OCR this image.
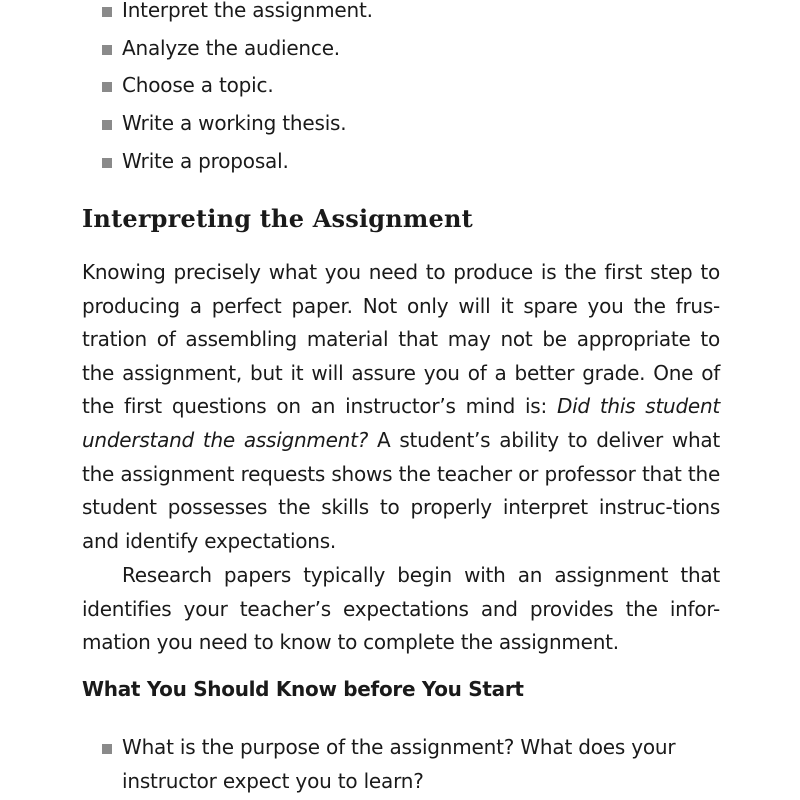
Interpret the assignment.
Analyze the audience.
Choose a topic.
Write a working thesis.
Write a proposal.
Interpreting the Assignment

Knowing precisely what you need to produce is the first step to producing a perfect paper. Not only will it spare you the frus-tration of assembling material that may not be appropriate to the assignment, but it will assure you of a better grade. One of the first questions on an instructor’s mind is: Did this student understand the assignment? A student’s ability to deliver what the assignment requests shows the teacher or professor that the student possesses the skills to properly interpret instruc-tions and identify expectations.

Research papers typically begin with an assignment that identifies your teacher’s expectations and provides the infor-mation you need to know to complete the assignment.

What You Should Know before You Start
What is the purpose of the assignment? What does your instructor expect you to learn?
